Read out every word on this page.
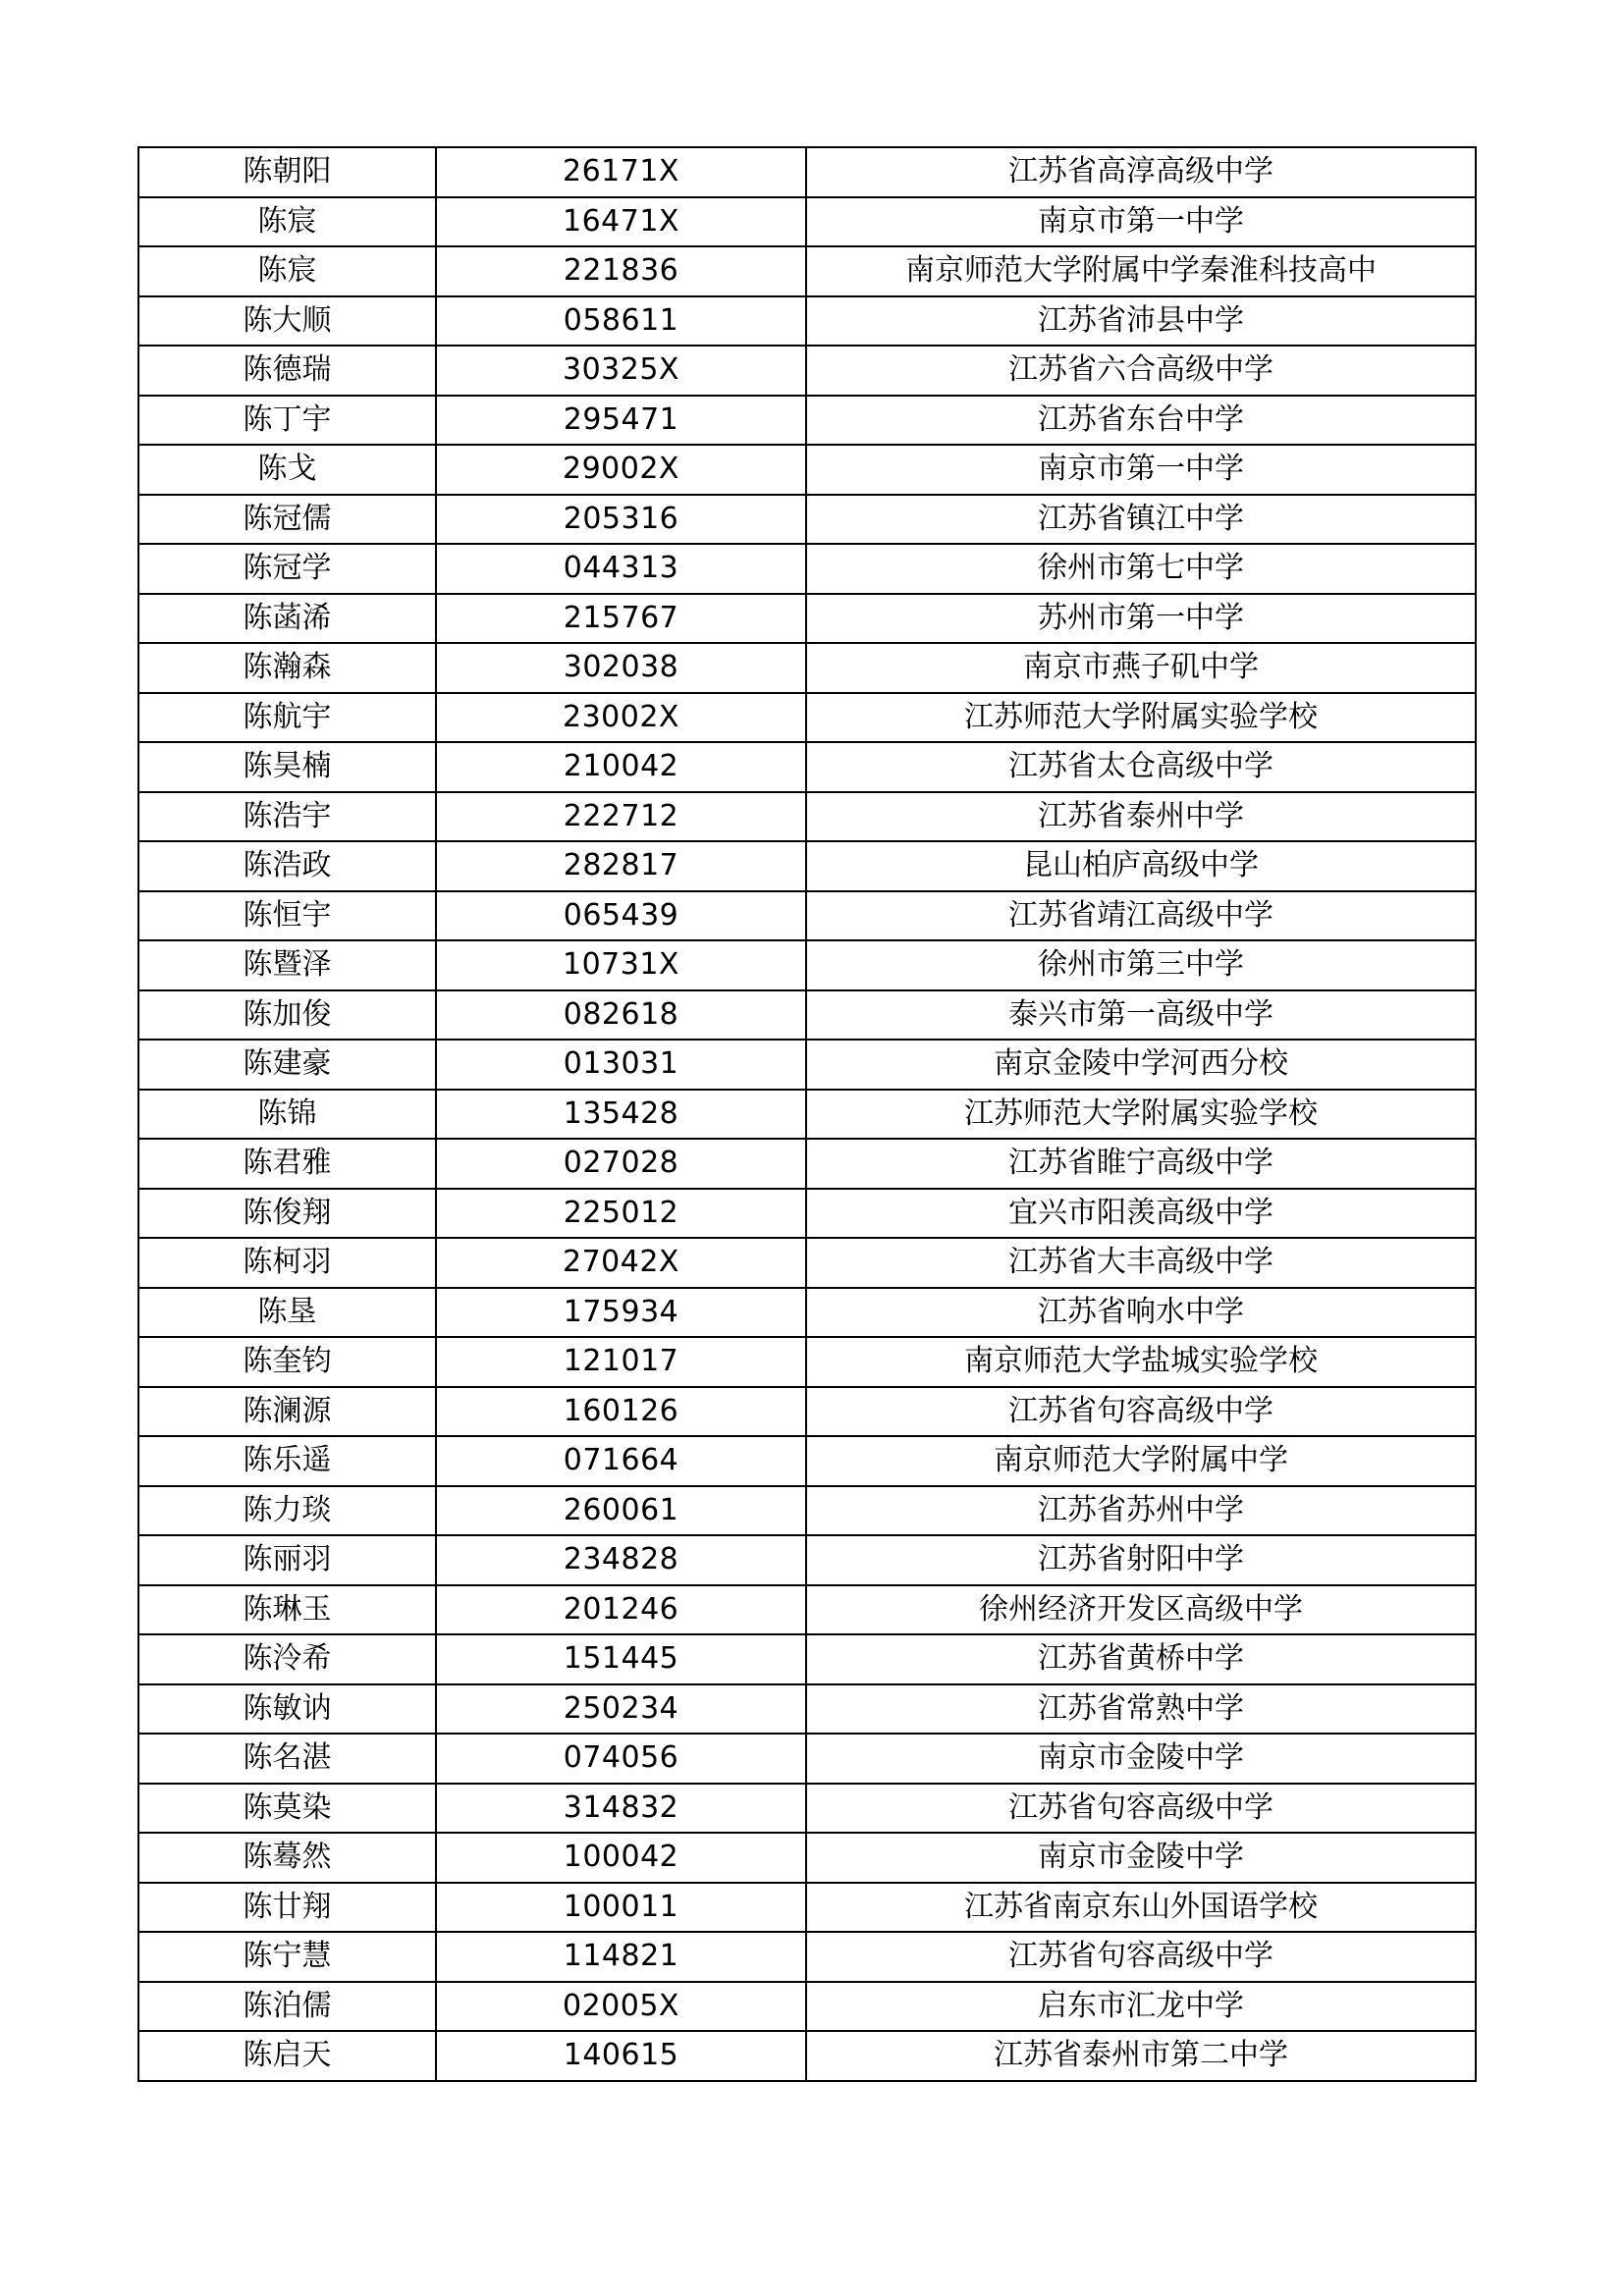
陈朝阳	26171X	江苏省高淳高级中学
陈宸	16471X	南京市第一中学
陈宸	221836	南京师范大学附属中学秦淮科技高中
陈大顺	058611	江苏省沛县中学
陈德瑞	30325X	江苏省六合高级中学
陈丁宇	295471	江苏省东台中学
陈戈	29002X	南京市第一中学
陈冠儒	205316	江苏省镇江中学
陈冠学	044313	徐州市第七中学
陈菡浠	215767	苏州市第一中学
陈瀚森	302038	南京市燕子矶中学
陈航宇	23002X	江苏师范大学附属实验学校
陈昊楠	210042	江苏省太仓高级中学
陈浩宇	222712	江苏省泰州中学
陈浩政	282817	昆山柏庐高级中学
陈恒宇	065439	江苏省靖江高级中学
陈暨泽	10731X	徐州市第三中学
陈加俊	082618	泰兴市第一高级中学
陈建豪	013031	南京金陵中学河西分校
陈锦	135428	江苏师范大学附属实验学校
陈君雅	027028	江苏省睢宁高级中学
陈俊翔	225012	宜兴市阳羡高级中学
陈柯羽	27042X	江苏省大丰高级中学
陈垦	175934	江苏省响水中学
陈奎钧	121017	南京师范大学盐城实验学校
陈澜源	160126	江苏省句容高级中学
陈乐遥	071664	南京师范大学附属中学
陈力琰	260061	江苏省苏州中学
陈丽羽	234828	江苏省射阳中学
陈琳玉	201246	徐州经济开发区高级中学
陈泠希	151445	江苏省黄桥中学
陈敏讷	250234	江苏省常熟中学
陈名湛	074056	南京市金陵中学
陈莫染	314832	江苏省句容高级中学
陈蓦然	100042	南京市金陵中学
陈廿翔	100011	江苏省南京东山外国语学校
陈宁慧	114821	江苏省句容高级中学
陈泊儒	02005X	启东市汇龙中学
陈启天	140615	江苏省泰州市第二中学
